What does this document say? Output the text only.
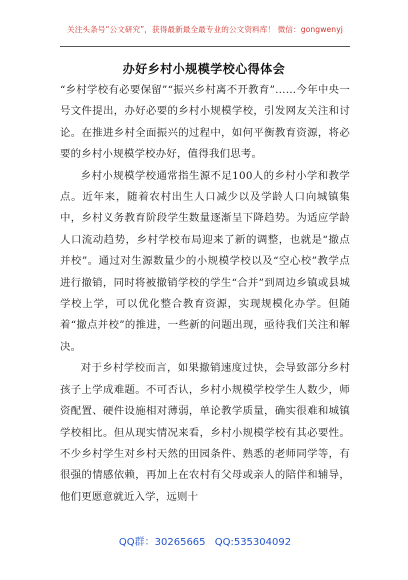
关注头条号“公文研究”，获得最新最全最专业的公文资料库！ 微信：gongwenyj
办好乡村小规模学校心得体会

“乡村学校有必要保留”“振兴乡村离不开教育”……今年中央一号文件提出，办好必要的乡村小规模学校，引发网友关注和讨论。在推进乡村全面振兴的过程中，如何平衡教育资源，将必要的乡村小规模学校办好，值得我们思考。

乡村小规模学校通常指生源不足100人的乡村小学和教学点。近年来，随着农村出生人口减少以及学龄人口向城镇集中，乡村义务教育阶段学生数量逐渐呈下降趋势。为适应学龄人口流动趋势，乡村学校布局迎来了新的调整，也就是“撤点并校”。通过对生源数量少的小规模学校以及“空心校”教学点进行撤销，同时将被撤销学校的学生“合并”到周边乡镇或县城学校上学，可以优化整合教育资源，实现规模化办学。但随着“撤点并校”的推进，一些新的问题出现，亟待我们关注和解决。

对于乡村学校而言，如果撤销速度过快，会导致部分乡村孩子上学成难题。不可否认，乡村小规模学校学生人数少，师资配置、硬件设施相对薄弱，单论教学质量，确实很难和城镇学校相比。但从现实情况来看，乡村小规模学校有其必要性。不少乡村学生对乡村天然的田园条件、熟悉的老师同学等，有很强的情感依赖，再加上在农村有父母或亲人的陪伴和辅导，他们更愿意就近入学，远则十

QQ群：30265665 QQ:535304092
